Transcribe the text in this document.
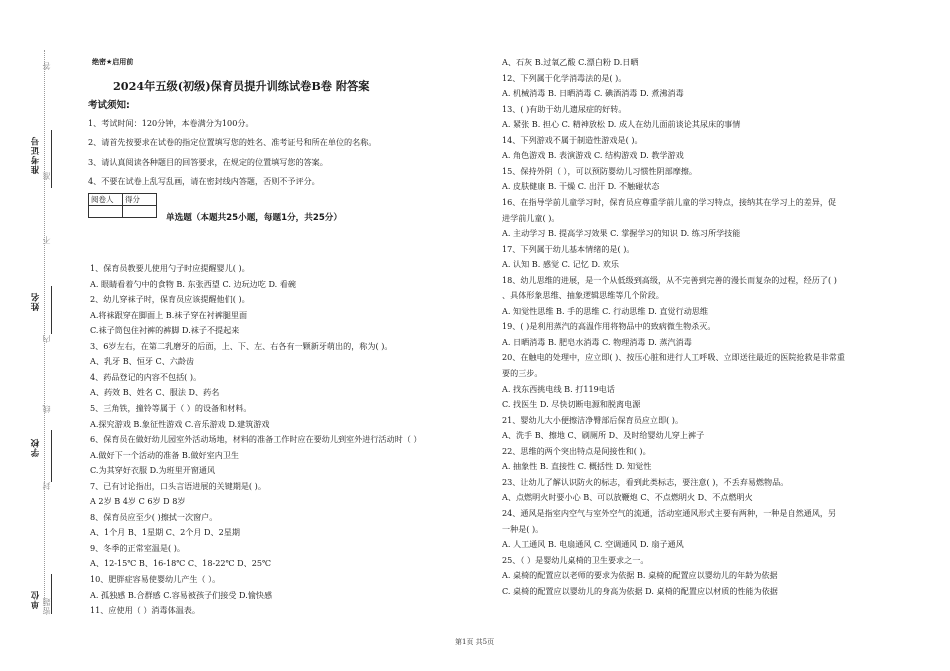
准考证号
姓名
学校
单位
密
封
线
内
不
准
答
题
绝密★启用前
2024年五级(初级)保育员提升训练试卷B卷 附答案
考试须知:
1、考试时间：120分钟，本卷满分为100分。
2、请首先按要求在试卷的指定位置填写您的姓名、准考证号和所在单位的名称。
3、请认真阅读各种题目的回答要求，在规定的位置填写您的答案。
4、不要在试卷上乱写乱画，请在密封线内答题，否则不予评分。
阅卷人	得分

单选题（本题共25小题，每题1分，共25分）
1、保育员教要儿使用勺子时应提醒婴儿( )。
A. 眼睛看着勺中的食物 B. 东张西望 C. 边玩边吃 D. 看碗
2、幼儿穿袜子时，保育员应该提醒他们( )。
A.将袜跟穿在脚面上 B.袜子穿在衬裤腿里面
C.袜子筒包住衬裤的裤脚 D.袜子不提起来
3、6岁左右，在第二乳磨牙的后面，上、下、左、右各有一颗新牙萌出的，称为( )。
A、乳牙 B、恒牙 C、六龄齿
4、药品登记的内容不包括( )。
A、药效 B、姓名 C、服法 D、药名
5、三角铁，撞铃等属于（ ）的设备和材料。
A.探究游戏 B.象征性游戏 C.音乐游戏 D.建筑游戏
6、保育员在做好幼儿园室外活动场地，材料的准备工作时应在要幼儿到室外进行活动时（ ）
A.做好下一个活动的准备 B.做好室内卫生
C.为其穿好衣服 D.为班里开窗通风
7、已有讨论指出，口头言语进展的关键期是( )。
A 2岁 B 4岁 C 6岁 D 8岁
8、保育员应至少( )擦拭一次窗户。
A、1个月 B、1星期 C、2个月 D、2星期
9、冬季的正常室温是( )。
A、12-15℃ B、16-18℃ C、18-22℃ D、25℃
10、肥胖症容易使婴幼儿产生（ ）。
A. 孤独感 B.合群感 C.容易被孩子们接受 D.愉快感
11、应使用（ ）消毒体温表。
A、石灰 B.过氧乙酸 C.漂白粉 D.日晒
12、下列属于化学消毒法的是( )。
A. 机械消毒 B. 日晒消毒 C. 碘酒消毒 D. 煮沸消毒
13、( )有助于幼儿遗尿症的好转。
A. 紧张 B. 担心 C. 精神放松 D. 成人在幼儿面前谈论其尿床的事情
14、下列游戏不属于制造性游戏是( )。
A. 角色游戏 B. 表演游戏 C. 结构游戏 D. 教学游戏
15、保持外阴（ ），可以预防婴幼儿习惯性阴部摩擦。
A. 皮肤健康 B. 干燥 C. 出汗 D. 不触碰状态
16、在指导学前儿童学习时，保育员应尊重学前儿童的学习特点，接纳其在学习上的差异，促
进学前儿童( )。
A. 主动学习 B. 提高学习效果 C. 掌握学习的知识 D. 练习所学技能
17、下列属于幼儿基本情绪的是( )。
A. 认知 B. 感觉 C. 记忆 D. 欢乐
18、幼儿思维的进展，是一个从低级到高级，从不完善到完善的漫长而复杂的过程，经历了( )
、具体形象思维、抽象逻辑思维等几个阶段。
A. 知觉性思维 B. 手的思维 C. 行动思维 D. 直觉行动思维
19、( )是利用蒸汽的高温作用将物品中的致病微生物杀灭。
A. 日晒消毒 B. 肥皂水消毒 C. 物理消毒 D. 蒸汽消毒
20、在触电的处理中，应立即( )、按压心脏和进行人工呼吸、立即送往最近的医院抢救是非常重
要的三步。
A. 找东西挑电线 B. 打119电话
C. 找医生 D. 尽快切断电源和脱离电源
21、婴幼儿大小便擦洁净臀部后保育员应立即( )。
A、洗手 B、擦地 C、刷厕所 D、及时给婴幼儿穿上裤子
22、思维的两个突出特点是间接性和( )。
A. 抽象性 B. 直接性 C. 概括性 D. 知觉性
23、让幼儿了解认识防火的标志，看到此类标志，要注意( )，不丢弃易燃物品。
A、点燃明火时要小心 B、可以放鞭炮 C、不点燃明火 D、不点燃明火
24、通风是指室内空气与室外空气的流通，活动室通风形式主要有两种，一种是自然通风，另
一种是( )。
A. 人工通风 B. 电扇通风 C. 空调通风 D. 扇子通风
25、（ ）是婴幼儿桌椅的卫生要求之一。
A. 桌椅的配置应以老师的要求为依据 B. 桌椅的配置应以婴幼儿的年龄为依据
C. 桌椅的配置应以婴幼儿的身高为依据 D. 桌椅的配置应以材质的性能为依据
第1页 共5页
